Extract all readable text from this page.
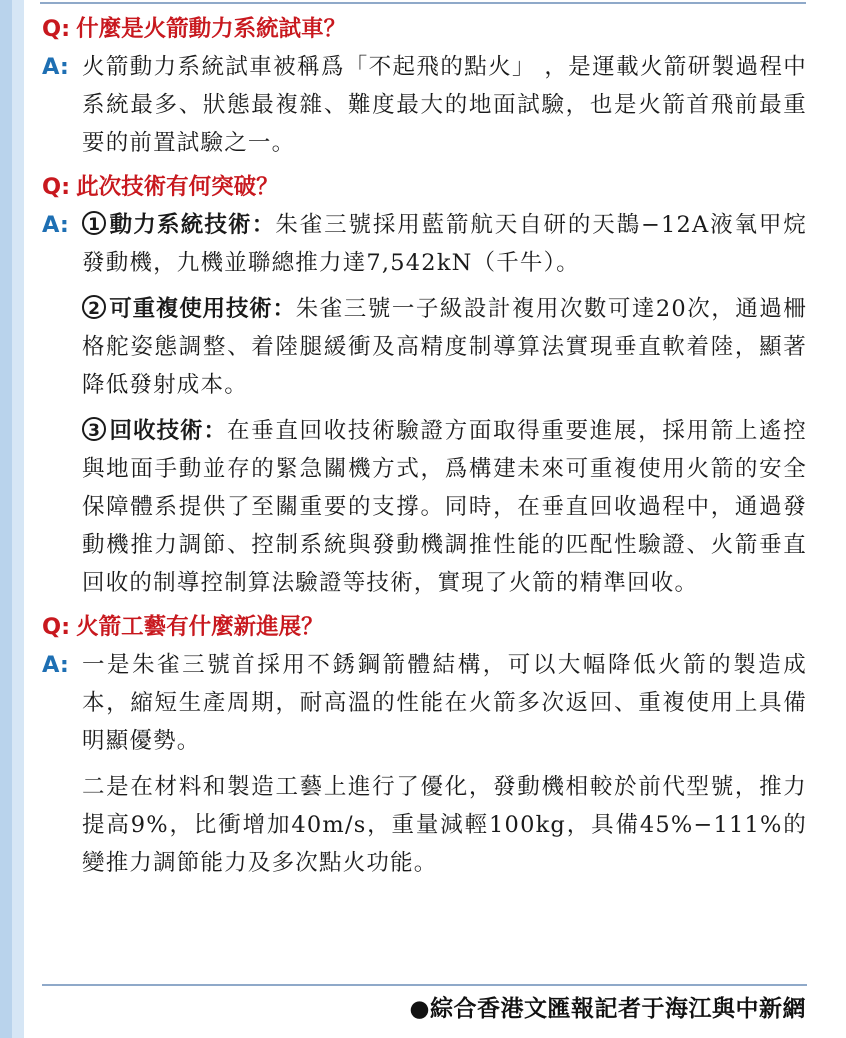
Q: 什麼是火箭動力系統試車？

A: 火箭動力系統試車被稱爲「不起飛的點火」 ，是運載火箭研製過程中系統最多、狀態最複雜、難度最大的地面試驗，也是火箭首飛前最重要的前置試驗之一。

Q: 此次技術有何突破？

A:	1 動力系統技術：朱雀三號採用藍箭航天自研的天鵲−12A液氧甲烷發動機，九機並聯總推力達7,542kN（千牛）。

2 可重複使用技術：朱雀三號一子級設計複用次數可達20次，通過柵格舵姿態調整、着陸腿緩衝及高精度制導算法實現垂直軟着陸，顯著降低發射成本。

3 回收技術：在垂直回收技術驗證方面取得重要進展，採用箭上遙控與地面手動並存的緊急關機方式，爲構建未來可重複使用火箭的安全保障體系提供了至關重要的支撐。同時，在垂直回收過程中，通過發動機推力調節、控制系統與發動機調推性能的匹配性驗證、火箭垂直回收的制導控制算法驗證等技術，實現了火箭的精準回收。

Q: 火箭工藝有什麼新進展？

A: 一是朱雀三號首採用不銹鋼箭體結構，可以大幅降低火箭的製造成本，縮短生產周期，耐高溫的性能在火箭多次返回、重複使用上具備明顯優勢。

二是在材料和製造工藝上進行了優化，發動機相較於前代型號，推力提高9%，比衝增加40m/s，重量減輕100kg，具備45%−111%的變推力調節能力及多次點火功能。

●綜合香港文匯報記者于海江與中新網
